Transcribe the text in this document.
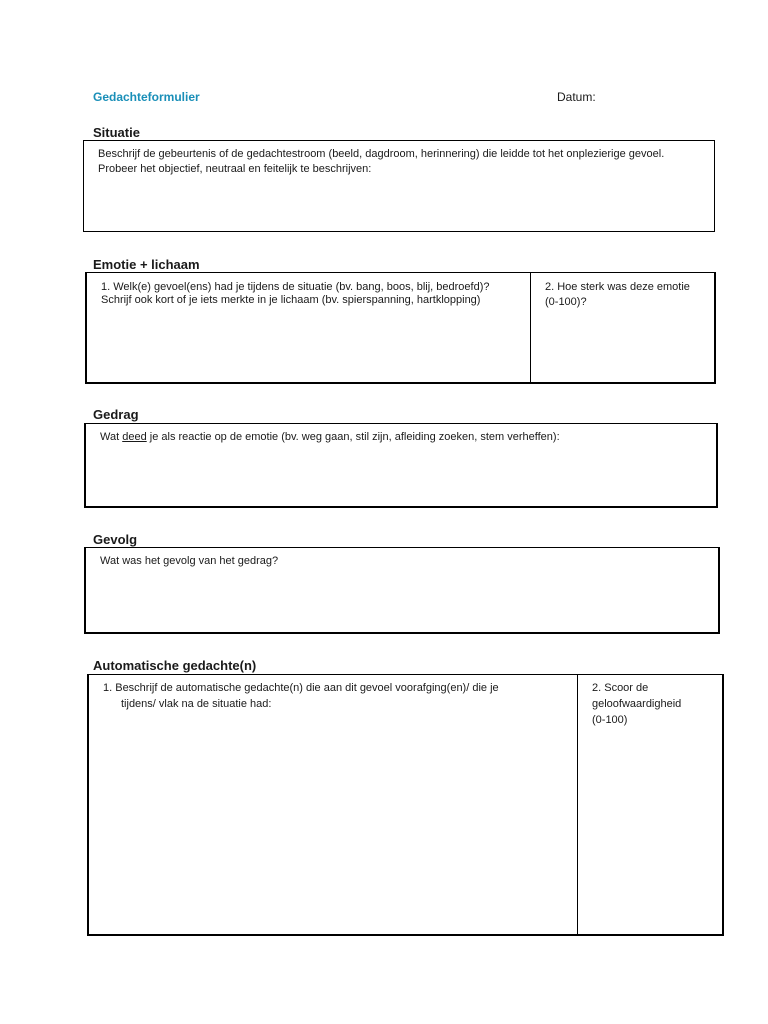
Gedachteformulier	Datum:
Situatie
Beschrijf de gebeurtenis of de gedachtestroom (beeld, dagdroom, herinnering) die leidde tot het onplezierige gevoel. Probeer het objectief, neutraal en feitelijk te beschrijven:
Emotie + lichaam
1. Welk(e) gevoel(ens) had je tijdens de situatie (bv. bang, boos, blij, bedroefd)?
Schrijf ook kort of je iets merkte in je lichaam (bv. spierspanning, hartklopping)
2. Hoe sterk was deze emotie (0-100)?
Gedrag
Wat deed je als reactie op de emotie (bv. weg gaan, stil zijn, afleiding zoeken, stem verheffen):
Gevolg
Wat was het gevolg van het gedrag?
Automatische gedachte(n)
1. Beschrijf de automatische gedachte(n) die aan dit gevoel voorafging(en)/ die je
tijdens/ vlak na de situatie had:
2. Scoor de
geloofwaardigheid
(0-100)
